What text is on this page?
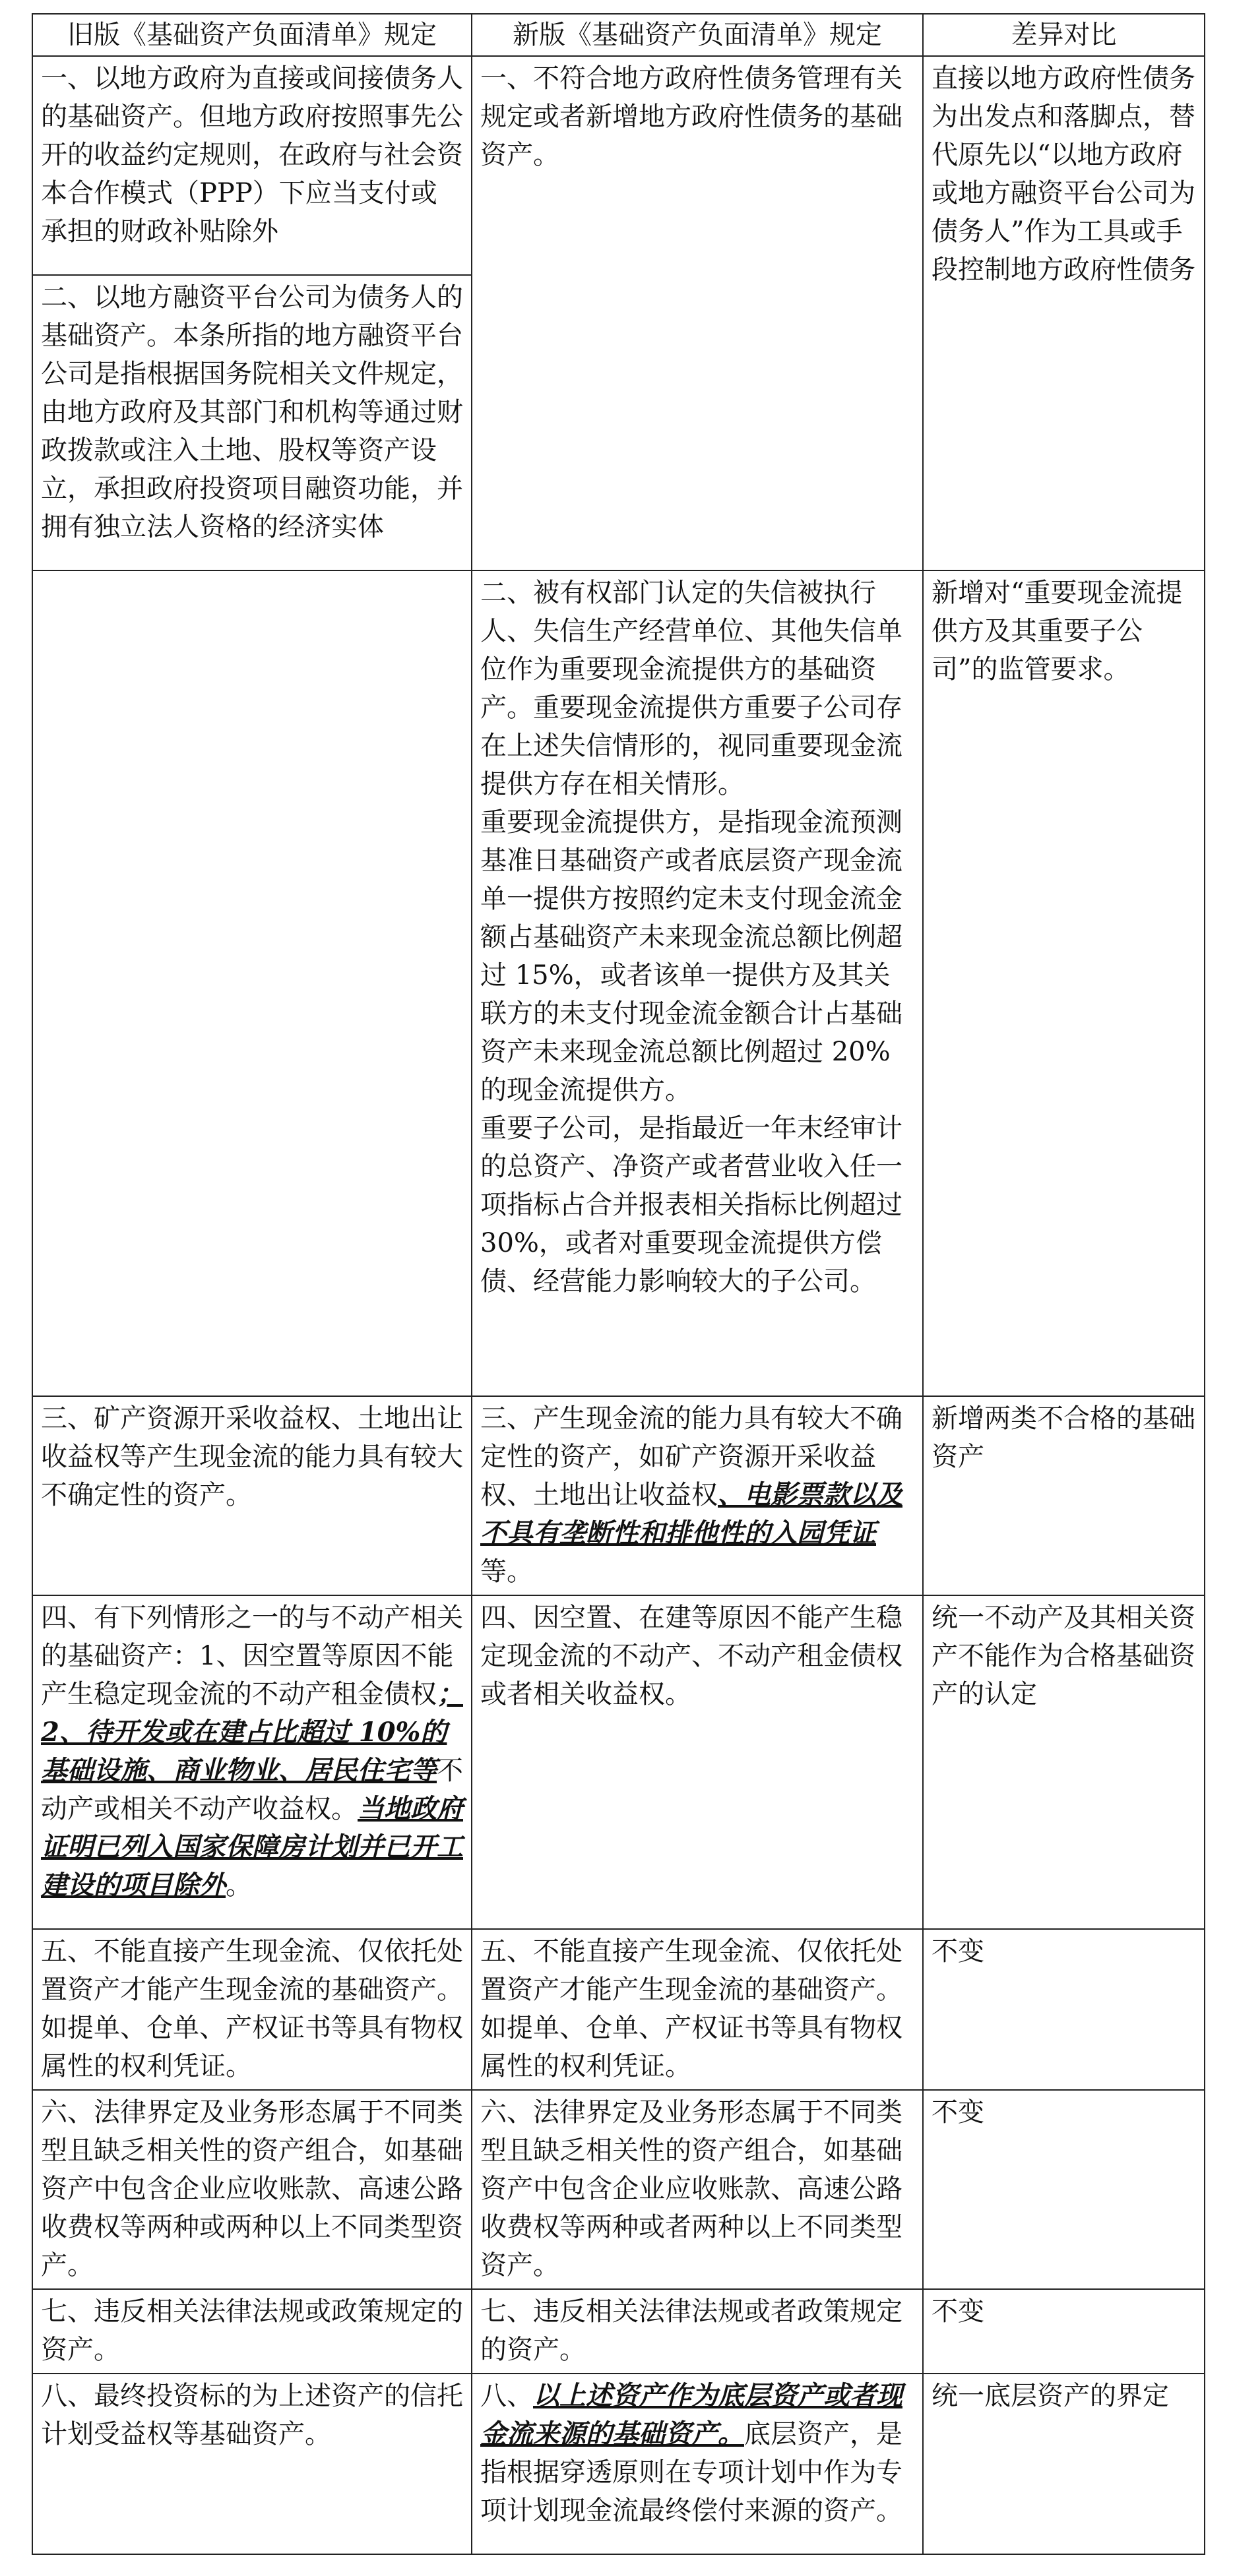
旧版《基础资产负面清单》规定	新版《基础资产负面清单》规定	差异对比
一、以地方政府为直接或间接债务人的基础资产。但地方政府按照事先公开的收益约定规则，在政府与社会资本合作模式（PPP）下应当支付或承担的财政补贴除外	一、不符合地方政府性债务管理有关规定或者新增地方政府性债务的基础资产。	直接以地方政府性债务为出发点和落脚点，替代原先以“以地方政府或地方融资平台公司为债务人”作为工具或手段控制地方政府性债务
二、以地方融资平台公司为债务人的基础资产。本条所指的地方融资平台公司是指根据国务院相关文件规定，由地方政府及其部门和机构等通过财政拨款或注入土地、股权等资产设立，承担政府投资项目融资功能，并拥有独立法人资格的经济实体		

	二、被有权部门认定的失信被执行人、失信生产经营单位、其他失信单位作为重要现金流提供方的基础资产。重要现金流提供方重要子公司存在上述失信情形的，视同重要现金流提供方存在相关情形。
重要现金流提供方，是指现金流预测基准日基础资产或者底层资产现金流单一提供方按照约定未支付现金流金额占基础资产未来现金流总额比例超过 15%，或者该单一提供方及其关联方的未支付现金流金额合计占基础资产未来现金流总额比例超过 20%的现金流提供方。
重要子公司，是指最近一年末经审计的总资产、净资产或者营业收入任一项指标占合并报表相关指标比例超过 30%，或者对重要现金流提供方偿债、经营能力影响较大的子公司。	新增对“重要现金流提供方及其重要子公司”的监管要求。
三、矿产资源开采收益权、土地出让收益权等产生现金流的能力具有较大不确定性的资产。	三、产生现金流的能力具有较大不确定性的资产，如矿产资源开采收益权、土地出让收益权、电影票款以及不具有垄断性和排他性的入园凭证等。	新增两类不合格的基础资产
四、有下列情形之一的与不动产相关的基础资产：1、因空置等原因不能产生稳定现金流的不动产租金债权；2、待开发或在建占比超过 10%的基础设施、商业物业、居民住宅等不动产或相关不动产收益权。当地政府证明已列入国家保障房计划并已开工建设的项目除外。	四、因空置、在建等原因不能产生稳定现金流的不动产、不动产租金债权或者相关收益权。	统一不动产及其相关资产不能作为合格基础资产的认定
五、不能直接产生现金流、仅依托处置资产才能产生现金流的基础资产。如提单、仓单、产权证书等具有物权属性的权利凭证。	五、不能直接产生现金流、仅依托处置资产才能产生现金流的基础资产。如提单、仓单、产权证书等具有物权属性的权利凭证。	不变
六、法律界定及业务形态属于不同类型且缺乏相关性的资产组合，如基础资产中包含企业应收账款、高速公路收费权等两种或两种以上不同类型资产。	六、法律界定及业务形态属于不同类型且缺乏相关性的资产组合，如基础资产中包含企业应收账款、高速公路收费权等两种或者两种以上不同类型资产。	不变
七、违反相关法律法规或政策规定的资产。	七、违反相关法律法规或者政策规定的资产。	不变
八、最终投资标的为上述资产的信托计划受益权等基础资产。	八、以上述资产作为底层资产或者现金流来源的基础资产。底层资产，是指根据穿透原则在专项计划中作为专项计划现金流最终偿付来源的资产。	统一底层资产的界定
